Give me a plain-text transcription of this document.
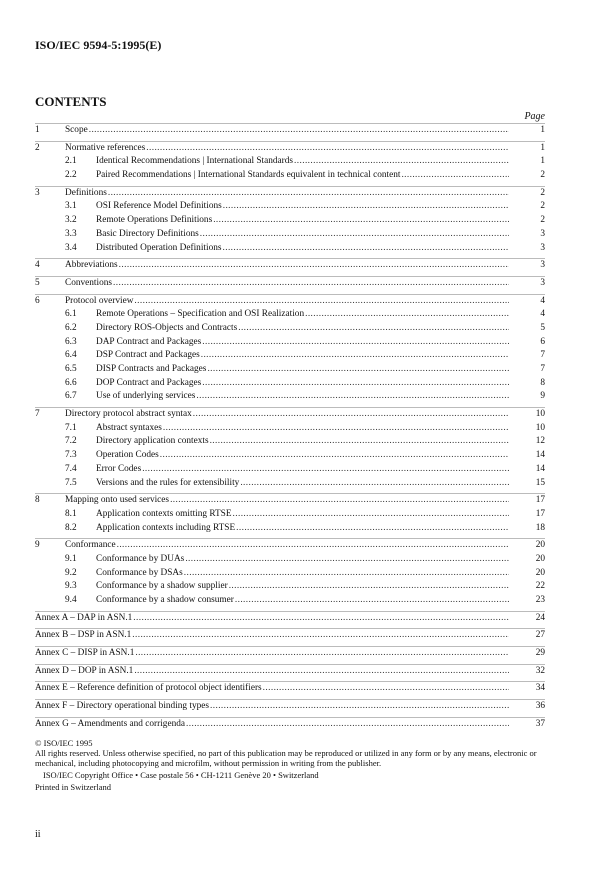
ISO/IEC 9594-5:1995(E)
CONTENTS
Page
1	Scope .....	1
2	Normative references .....	1
2.1 Identical Recommendations | International Standards .....	1
2.2 Paired Recommendations | International Standards equivalent in technical content .....	2
3	Definitions .....	2
3.1 OSI Reference Model Definitions .....	2
3.2 Remote Operations Definitions .....	2
3.3 Basic Directory Definitions .....	3
3.4 Distributed Operation Definitions .....	3
4	Abbreviations .....	3
5	Conventions .....	3
6	Protocol overview .....	4
6.1 Remote Operations – Specification and OSI Realization .....	4
6.2 Directory ROS-Objects and Contracts .....	5
6.3 DAP Contract and Packages .....	6
6.4 DSP Contract and Packages .....	7
6.5 DISP Contracts and Packages .....	7
6.6 DOP Contract and Packages .....	8
6.7 Use of underlying services .....	9
7	Directory protocol abstract syntax .....	10
7.1 Abstract syntaxes .....	10
7.2 Directory application contexts .....	12
7.3 Operation Codes .....	14
7.4 Error Codes .....	14
7.5 Versions and the rules for extensibility .....	15
8	Mapping onto used services .....	17
8.1 Application contexts omitting RTSE .....	17
8.2 Application contexts including RTSE .....	18
9	Conformance .....	20
9.1 Conformance by DUAs .....	20
9.2 Conformance by DSAs .....	20
9.3 Conformance by a shadow supplier .....	22
9.4 Conformance by a shadow consumer .....	23
Annex A – DAP in ASN.1 .....	24
Annex B – DSP in ASN.1 .....	27
Annex C – DISP in ASN.1 .....	29
Annex D – DOP in ASN.1 .....	32
Annex E – Reference definition of protocol object identifiers .....	34
Annex F – Directory operational binding types .....	36
Annex G – Amendments and corrigenda .....	37
© ISO/IEC 1995
All rights reserved. Unless otherwise specified, no part of this publication may be reproduced or utilized in any form or by any means, electronic or mechanical, including photocopying and microfilm, without permission in writing from the publisher.
ISO/IEC Copyright Office • Case postale 56 • CH-1211 Genève 20 • Switzerland
Printed in Switzerland
ii
